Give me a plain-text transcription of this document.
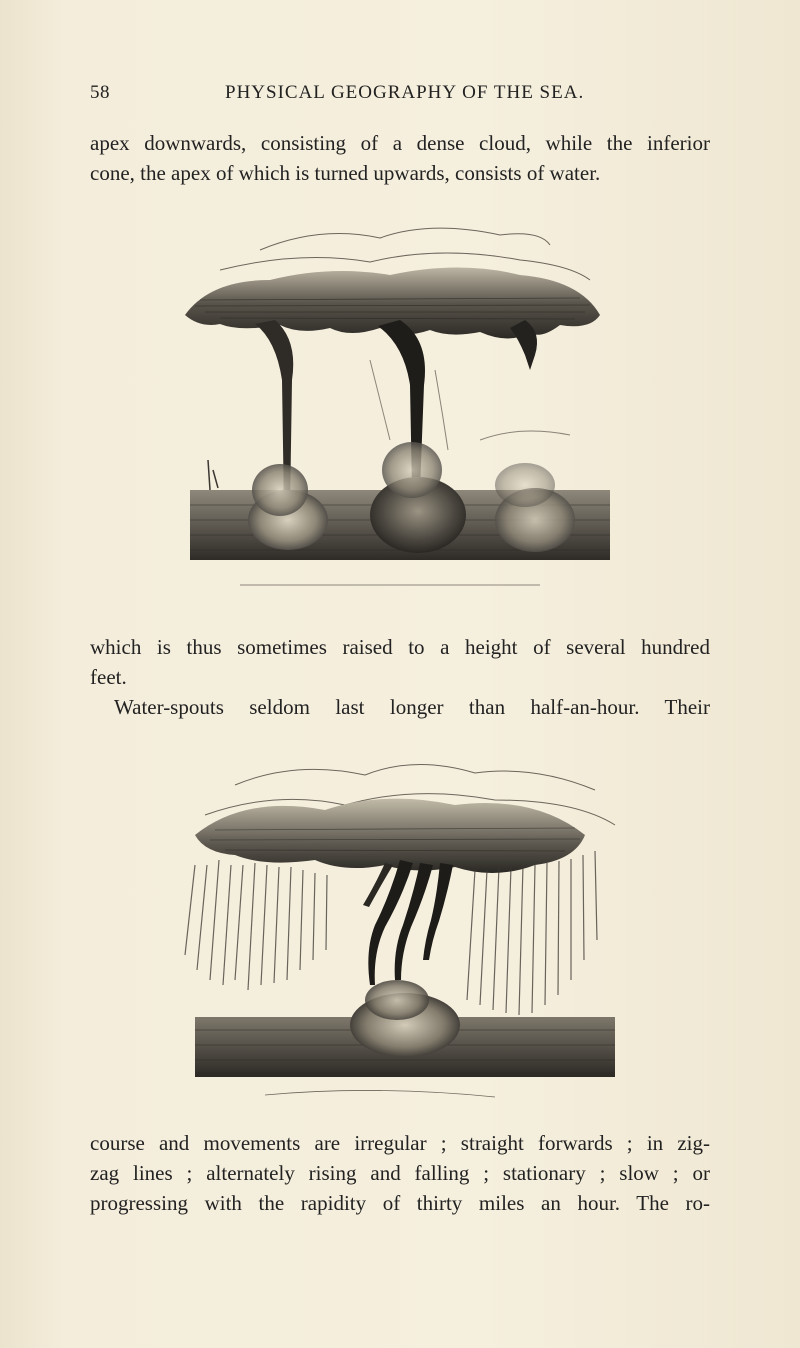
58	PHYSICAL GEOGRAPHY OF THE SEA.
apex downwards, consisting of a dense cloud, while the inferior
cone, the apex of which is turned upwards, consists of water.
which is thus sometimes raised to a height of several hundred
feet.
Water-spouts seldom last longer than half-an-hour. Their
course and movements are irregular ; straight forwards ; in zig-
zag lines ; alternately rising and falling ; stationary ; slow ; or
progressing with the rapidity of thirty miles an hour. The ro-
